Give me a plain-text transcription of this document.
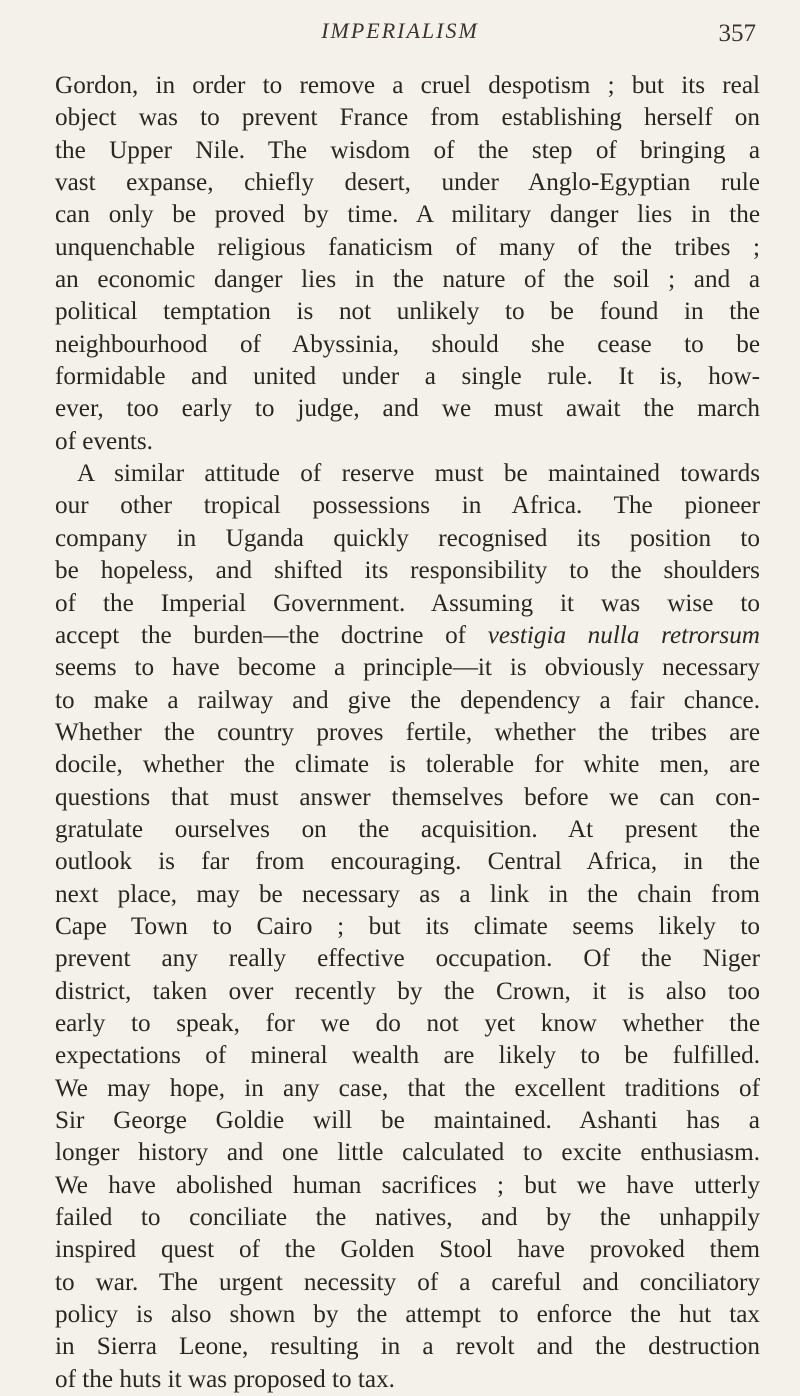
IMPERIALISM	357
Gordon, in order to remove a cruel despotism ; but its real
object was to prevent France from establishing herself on
the Upper Nile. The wisdom of the step of bringing a
vast expanse, chiefly desert, under Anglo-Egyptian rule
can only be proved by time. A military danger lies in the
unquenchable religious fanaticism of many of the tribes ;
an economic danger lies in the nature of the soil ; and a
political temptation is not unlikely to be found in the
neighbourhood of Abyssinia, should she cease to be
formidable and united under a single rule. It is, how-
ever, too early to judge, and we must await the march
of events.
A similar attitude of reserve must be maintained towards
our other tropical possessions in Africa. The pioneer
company in Uganda quickly recognised its position to
be hopeless, and shifted its responsibility to the shoulders
of the Imperial Government. Assuming it was wise to
accept the burden—the doctrine of vestigia nulla retrorsum
seems to have become a principle—it is obviously necessary
to make a railway and give the dependency a fair chance.
Whether the country proves fertile, whether the tribes are
docile, whether the climate is tolerable for white men, are
questions that must answer themselves before we can con-
gratulate ourselves on the acquisition. At present the
outlook is far from encouraging. Central Africa, in the
next place, may be necessary as a link in the chain from
Cape Town to Cairo ; but its climate seems likely to
prevent any really effective occupation. Of the Niger
district, taken over recently by the Crown, it is also too
early to speak, for we do not yet know whether the
expectations of mineral wealth are likely to be fulfilled.
We may hope, in any case, that the excellent traditions of
Sir George Goldie will be maintained. Ashanti has a
longer history and one little calculated to excite enthusiasm.
We have abolished human sacrifices ; but we have utterly
failed to conciliate the natives, and by the unhappily
inspired quest of the Golden Stool have provoked them
to war. The urgent necessity of a careful and conciliatory
policy is also shown by the attempt to enforce the hut tax
in Sierra Leone, resulting in a revolt and the destruction
of the huts it was proposed to tax.
